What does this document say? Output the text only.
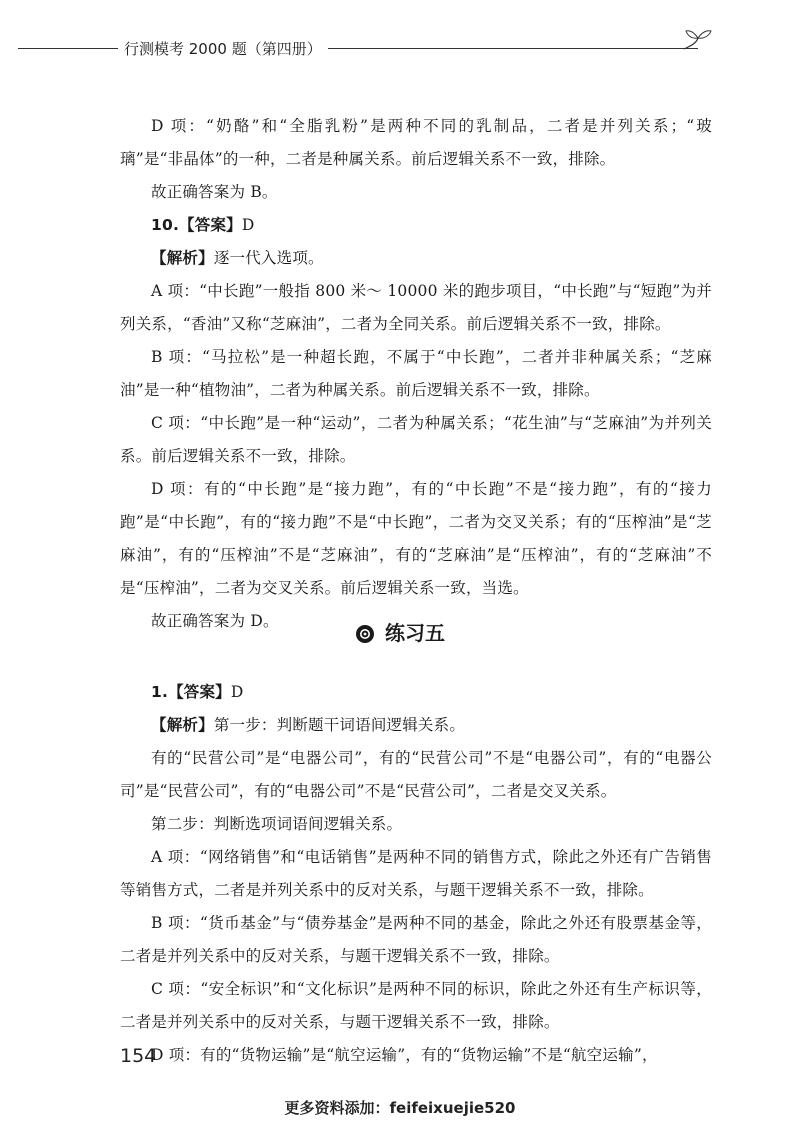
行测模考 2000 题（第四册）

D 项：“奶酪”和“全脂乳粉”是两种不同的乳制品，二者是并列关系；“玻璃”是“非晶体”的一种，二者是种属关系。前后逻辑关系不一致，排除。

故正确答案为 B。

10.【答案】D

【解析】逐一代入选项。

A 项：“中长跑”一般指 800 米～ 10000 米的跑步项目，“中长跑”与“短跑”为并列关系，“香油”又称“芝麻油”，二者为全同关系。前后逻辑关系不一致，排除。

B 项：“马拉松”是一种超长跑，不属于“中长跑”，二者并非种属关系；“芝麻油”是一种“植物油”，二者为种属关系。前后逻辑关系不一致，排除。

C 项：“中长跑”是一种“运动”，二者为种属关系；“花生油”与“芝麻油”为并列关系。前后逻辑关系不一致，排除。

D 项：有的“中长跑”是“接力跑”，有的“中长跑”不是“接力跑”，有的“接力跑”是“中长跑”，有的“接力跑”不是“中长跑”，二者为交叉关系；有的“压榨油”是“芝麻油”，有的“压榨油”不是“芝麻油”，有的“芝麻油”是“压榨油”，有的“芝麻油”不是“压榨油”，二者为交叉关系。前后逻辑关系一致，当选。

故正确答案为 D。	练习五

1.【答案】D

【解析】第一步：判断题干词语间逻辑关系。

有的“民营公司”是“电器公司”，有的“民营公司”不是“电器公司”，有的“电器公司”是“民营公司”，有的“电器公司”不是“民营公司”，二者是交叉关系。

第二步：判断选项词语间逻辑关系。

A 项：“网络销售”和“电话销售”是两种不同的销售方式，除此之外还有广告销售等销售方式，二者是并列关系中的反对关系，与题干逻辑关系不一致，排除。

B 项：“货币基金”与“债券基金”是两种不同的基金，除此之外还有股票基金等，二者是并列关系中的反对关系，与题干逻辑关系不一致，排除。

C 项：“安全标识”和“文化标识”是两种不同的标识，除此之外还有生产标识等，二者是并列关系中的反对关系，与题干逻辑关系不一致，排除。

D 项：有的“货物运输”是“航空运输”，有的“货物运输”不是“航空运输”，

154
更多资料添加：feifeixuejie520
